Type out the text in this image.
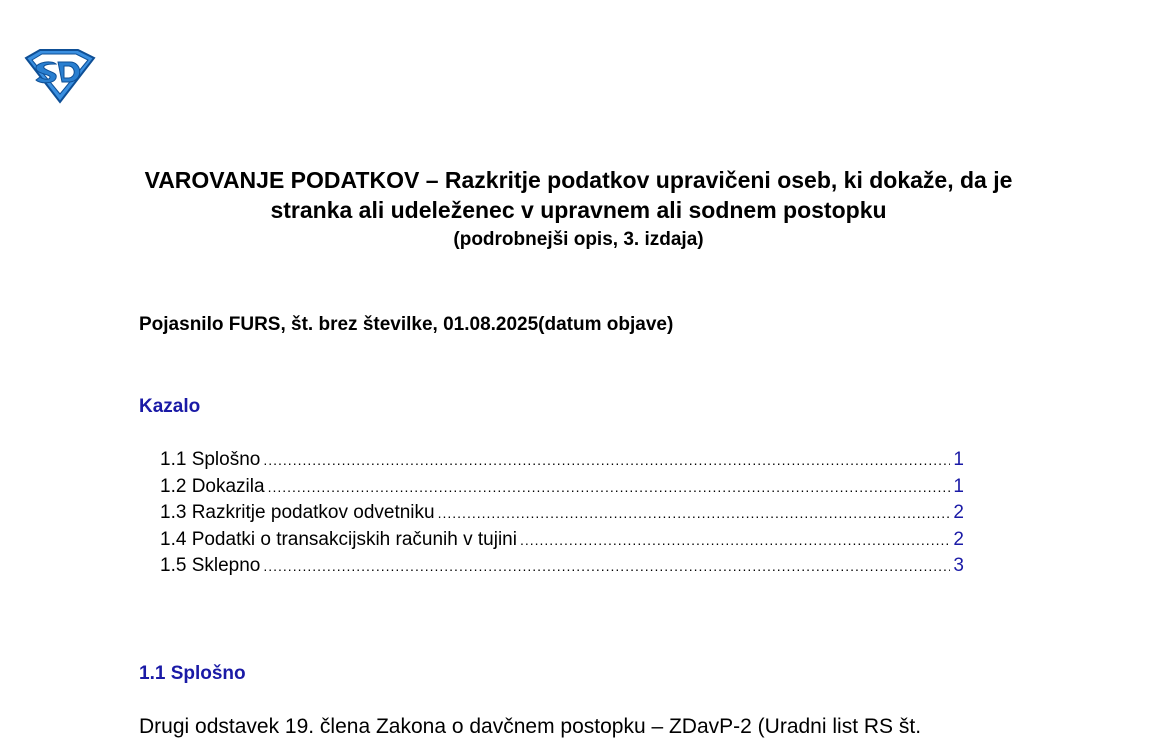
VAROVANJE PODATKOV – Razkritje podatkov upravičeni oseb, ki dokaže, da je stranka ali udeleženec v upravnem ali sodnem postopku

(podrobnejši opis, 3. izdaja)

Pojasnilo FURS, št. brez številke, 01.08.2025(datum objave)

Kazalo

1.1 Splošno .....	1
1.2 Dokazila .....	1
1.3 Razkritje podatkov odvetniku .....	2
1.4 Podatki o transakcijskih računih v tujini .....	2
1.5 Sklepno .....	3

1.1 Splošno

Drugi odstavek 19. člena Zakona o davčnem postopku – ZDavP-2 (Uradni list RS št.
